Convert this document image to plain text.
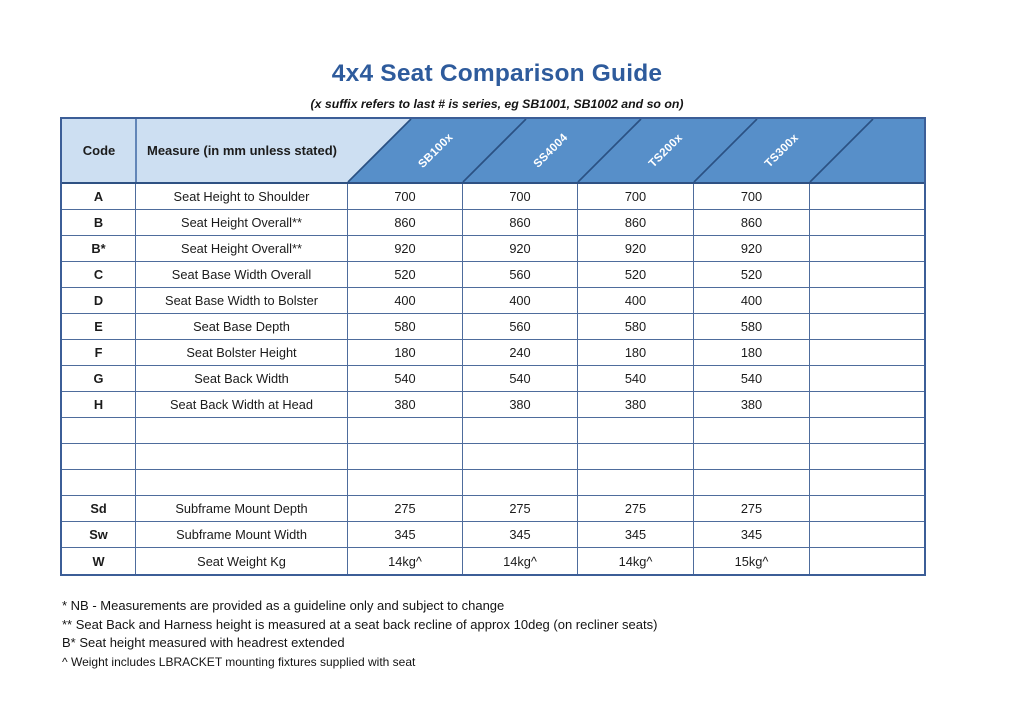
4x4 Seat Comparison Guide

(x suffix refers to last # is series, eg SB1001, SB1002 and so on)

Code	Measure (in mm unless stated)	SB100x	SS4004	TS200x	TS300x
A	Seat Height to Shoulder	700	700	700	700
B	Seat Height Overall**	860	860	860	860
B*	Seat Height Overall**	920	920	920	920
C	Seat Base Width Overall	520	560	520	520
D	Seat Base Width to Bolster	400	400	400	400
E	Seat Base Depth	580	560	580	580
F	Seat Bolster Height	180	240	180	180
G	Seat Back Width	540	540	540	540
H	Seat Back Width at Head	380	380	380	380
Sd	Subframe Mount Depth	275	275	275	275
Sw	Subframe Mount Width	345	345	345	345
W	Seat Weight Kg	14kg^	14kg^	14kg^	15kg^

* NB - Measurements are provided as a guideline only and subject to change

** Seat Back and Harness height is measured at a seat back recline of approx 10deg (on recliner seats)

B* Seat height measured with headrest extended

^ Weight includes LBRACKET mounting fixtures supplied with seat
